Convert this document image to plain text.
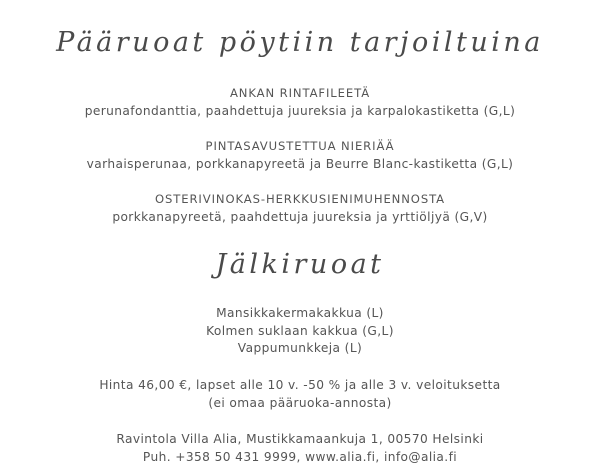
Pääruoat pöytiin tarjoiltuina
ANKAN RINTAFILEETÄ
perunafondanttia, paahdettuja juureksia ja karpalokastiketta (G,L)
PINTASAVUSTETTUA NIERIÄÄ
varhaisperunaa, porkkanapyreetä ja Beurre Blanc-kastiketta (G,L)
OSTERIVINOKAS-HERKKUSIENIMUHENNOSTA
porkkanapyreetä, paahdettuja juureksia ja yrttiöljyä (G,V)
Jälkiruoat
Mansikkakermakakkua (L)
Kolmen suklaan kakkua (G,L)
Vappumunkkeja (L)
Hinta 46,00 €, lapset alle 10 v. -50 % ja alle 3 v. veloituksetta
(ei omaa pääruoka-annosta)
Ravintola Villa Alia, Mustikkamaankuja 1, 00570 Helsinki
Puh. +358 50 431 9999, www.alia.fi, info@alia.fi
